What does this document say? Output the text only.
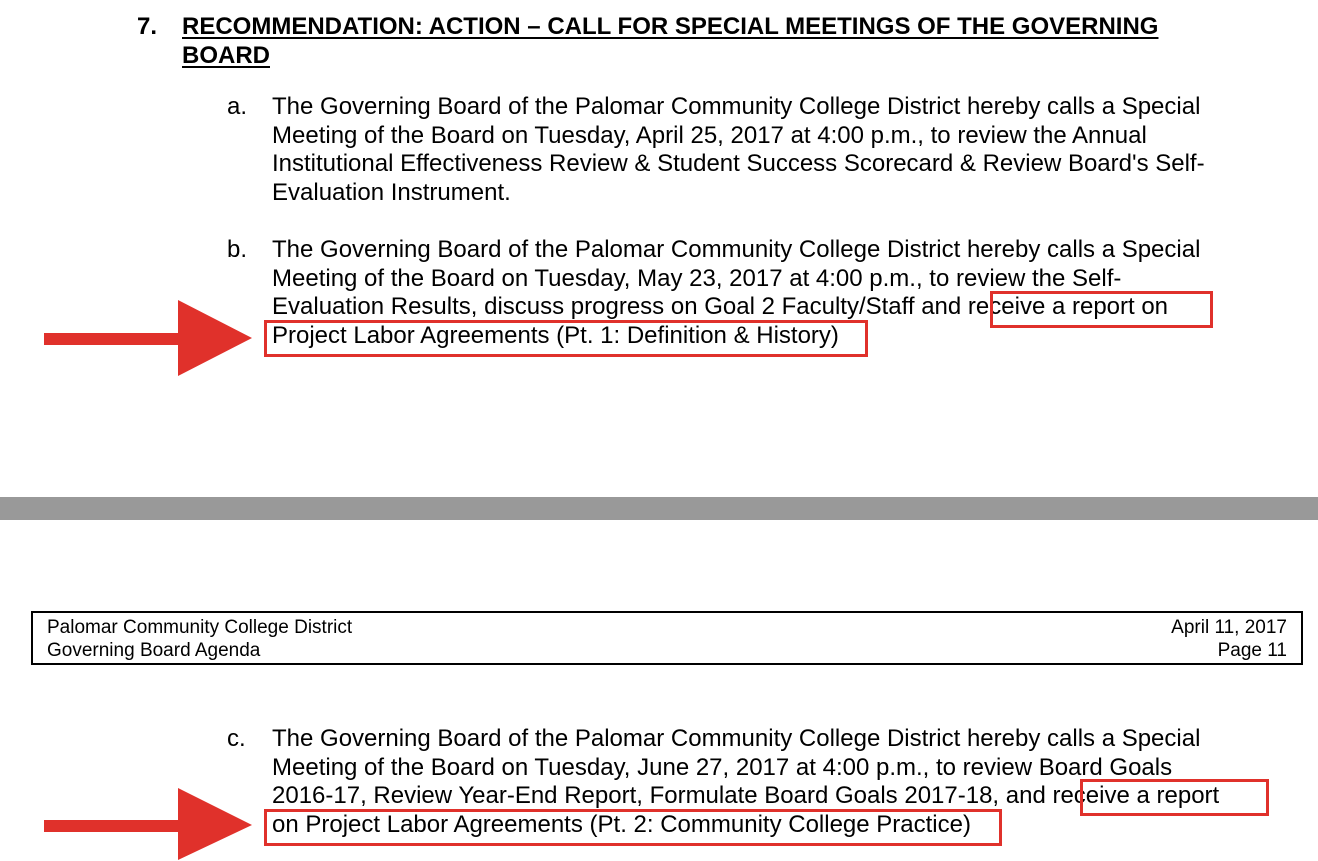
7. RECOMMENDATION: ACTION – CALL FOR SPECIAL MEETINGS OF THE GOVERNING
BOARD
a. The Governing Board of the Palomar Community College District hereby calls a Special
Meeting of the Board on Tuesday, April 25, 2017 at 4:00 p.m., to review the Annual
Institutional Effectiveness Review & Student Success Scorecard & Review Board's Self-
Evaluation Instrument.
b. The Governing Board of the Palomar Community College District hereby calls a Special
Meeting of the Board on Tuesday, May 23, 2017 at 4:00 p.m., to review the Self-
Evaluation Results, discuss progress on Goal 2 Faculty/Staff and receive a report on
Project Labor Agreements (Pt. 1: Definition & History)
Palomar Community College District
Governing Board Agenda
April 11, 2017
Page 11
c. The Governing Board of the Palomar Community College District hereby calls a Special
Meeting of the Board on Tuesday, June 27, 2017 at 4:00 p.m., to review Board Goals
2016-17, Review Year-End Report, Formulate Board Goals 2017-18, and receive a report
on Project Labor Agreements (Pt. 2: Community College Practice)
